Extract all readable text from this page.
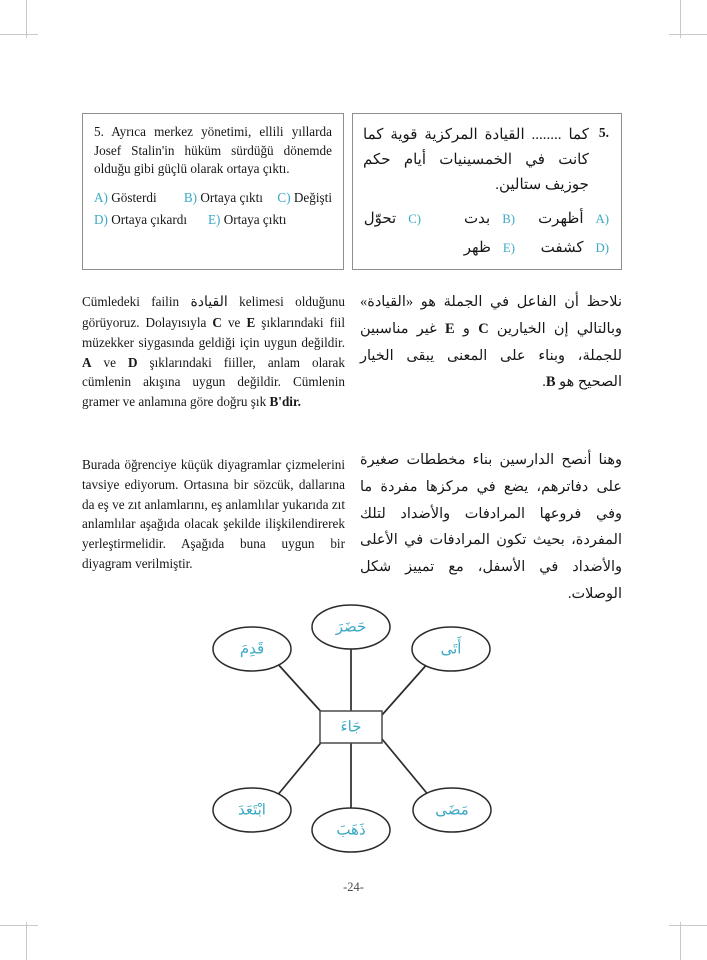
5. Ayrıca merkez yönetimi, ellili yıllarda Josef Stalin'in hüküm sürdüğü dönemde olduğu gibi güçlü olarak ortaya çıktı.

A) Gösterdi	B) Ortaya çıktı	C) Değişti
D) Ortaya çıkardı	E) Ortaya çıktı
5.
كما ........ القيادة المركزية قوية كما كانت في الخمسينيات أيام حكم جوزيف ستالين.
A)
أظهرت
B)
بدت
C)
تحوّل
D)
كشفت
E)
ظهر

Cümledeki failin القيادة kelimesi olduğunu görüyoruz. Dolayısıyla C ve E şıklarındaki fiil müzekker siygasında geldiği için uygun değildir. A ve D şıklarındaki fiiller, anlam olarak cümlenin akışına uygun değildir. Cümlenin gramer ve anlamına göre doğru şık B'dir.

Burada öğrenciye küçük diyagramlar çizmelerini tavsiye ediyorum. Ortasına bir sözcük, dallarına da eş ve zıt anlamlarını, eş anlamlılar yukarıda zıt anlamlılar aşağıda olacak şekilde ilişkilendirerek yerleştirmelidir. Aşağıda buna uygun bir diyagram verilmiştir.

نلاحظ أن الفاعل في الجملة هو «القيادة» وبالتالي إن الخيارين C و E غير مناسبين للجملة، وبناء على المعنى يبقى الخيار الصحيح هو B.

وهنا أنصح الدارسين بناء مخططات صغيرة على دفاترهم، يضع في مركزها مفردة ما وفي فروعها المرادفات والأضداد لتلك المفردة، بحيث تكون المرادفات في الأعلى والأضداد في الأسفل، مع تمييز شكل الوصلات.

حَضَرَ
قَدِمَ	أَتَى
ابْتَعَدَ
ذَهَبَ
مَضَى
جَاءَ
-24-
